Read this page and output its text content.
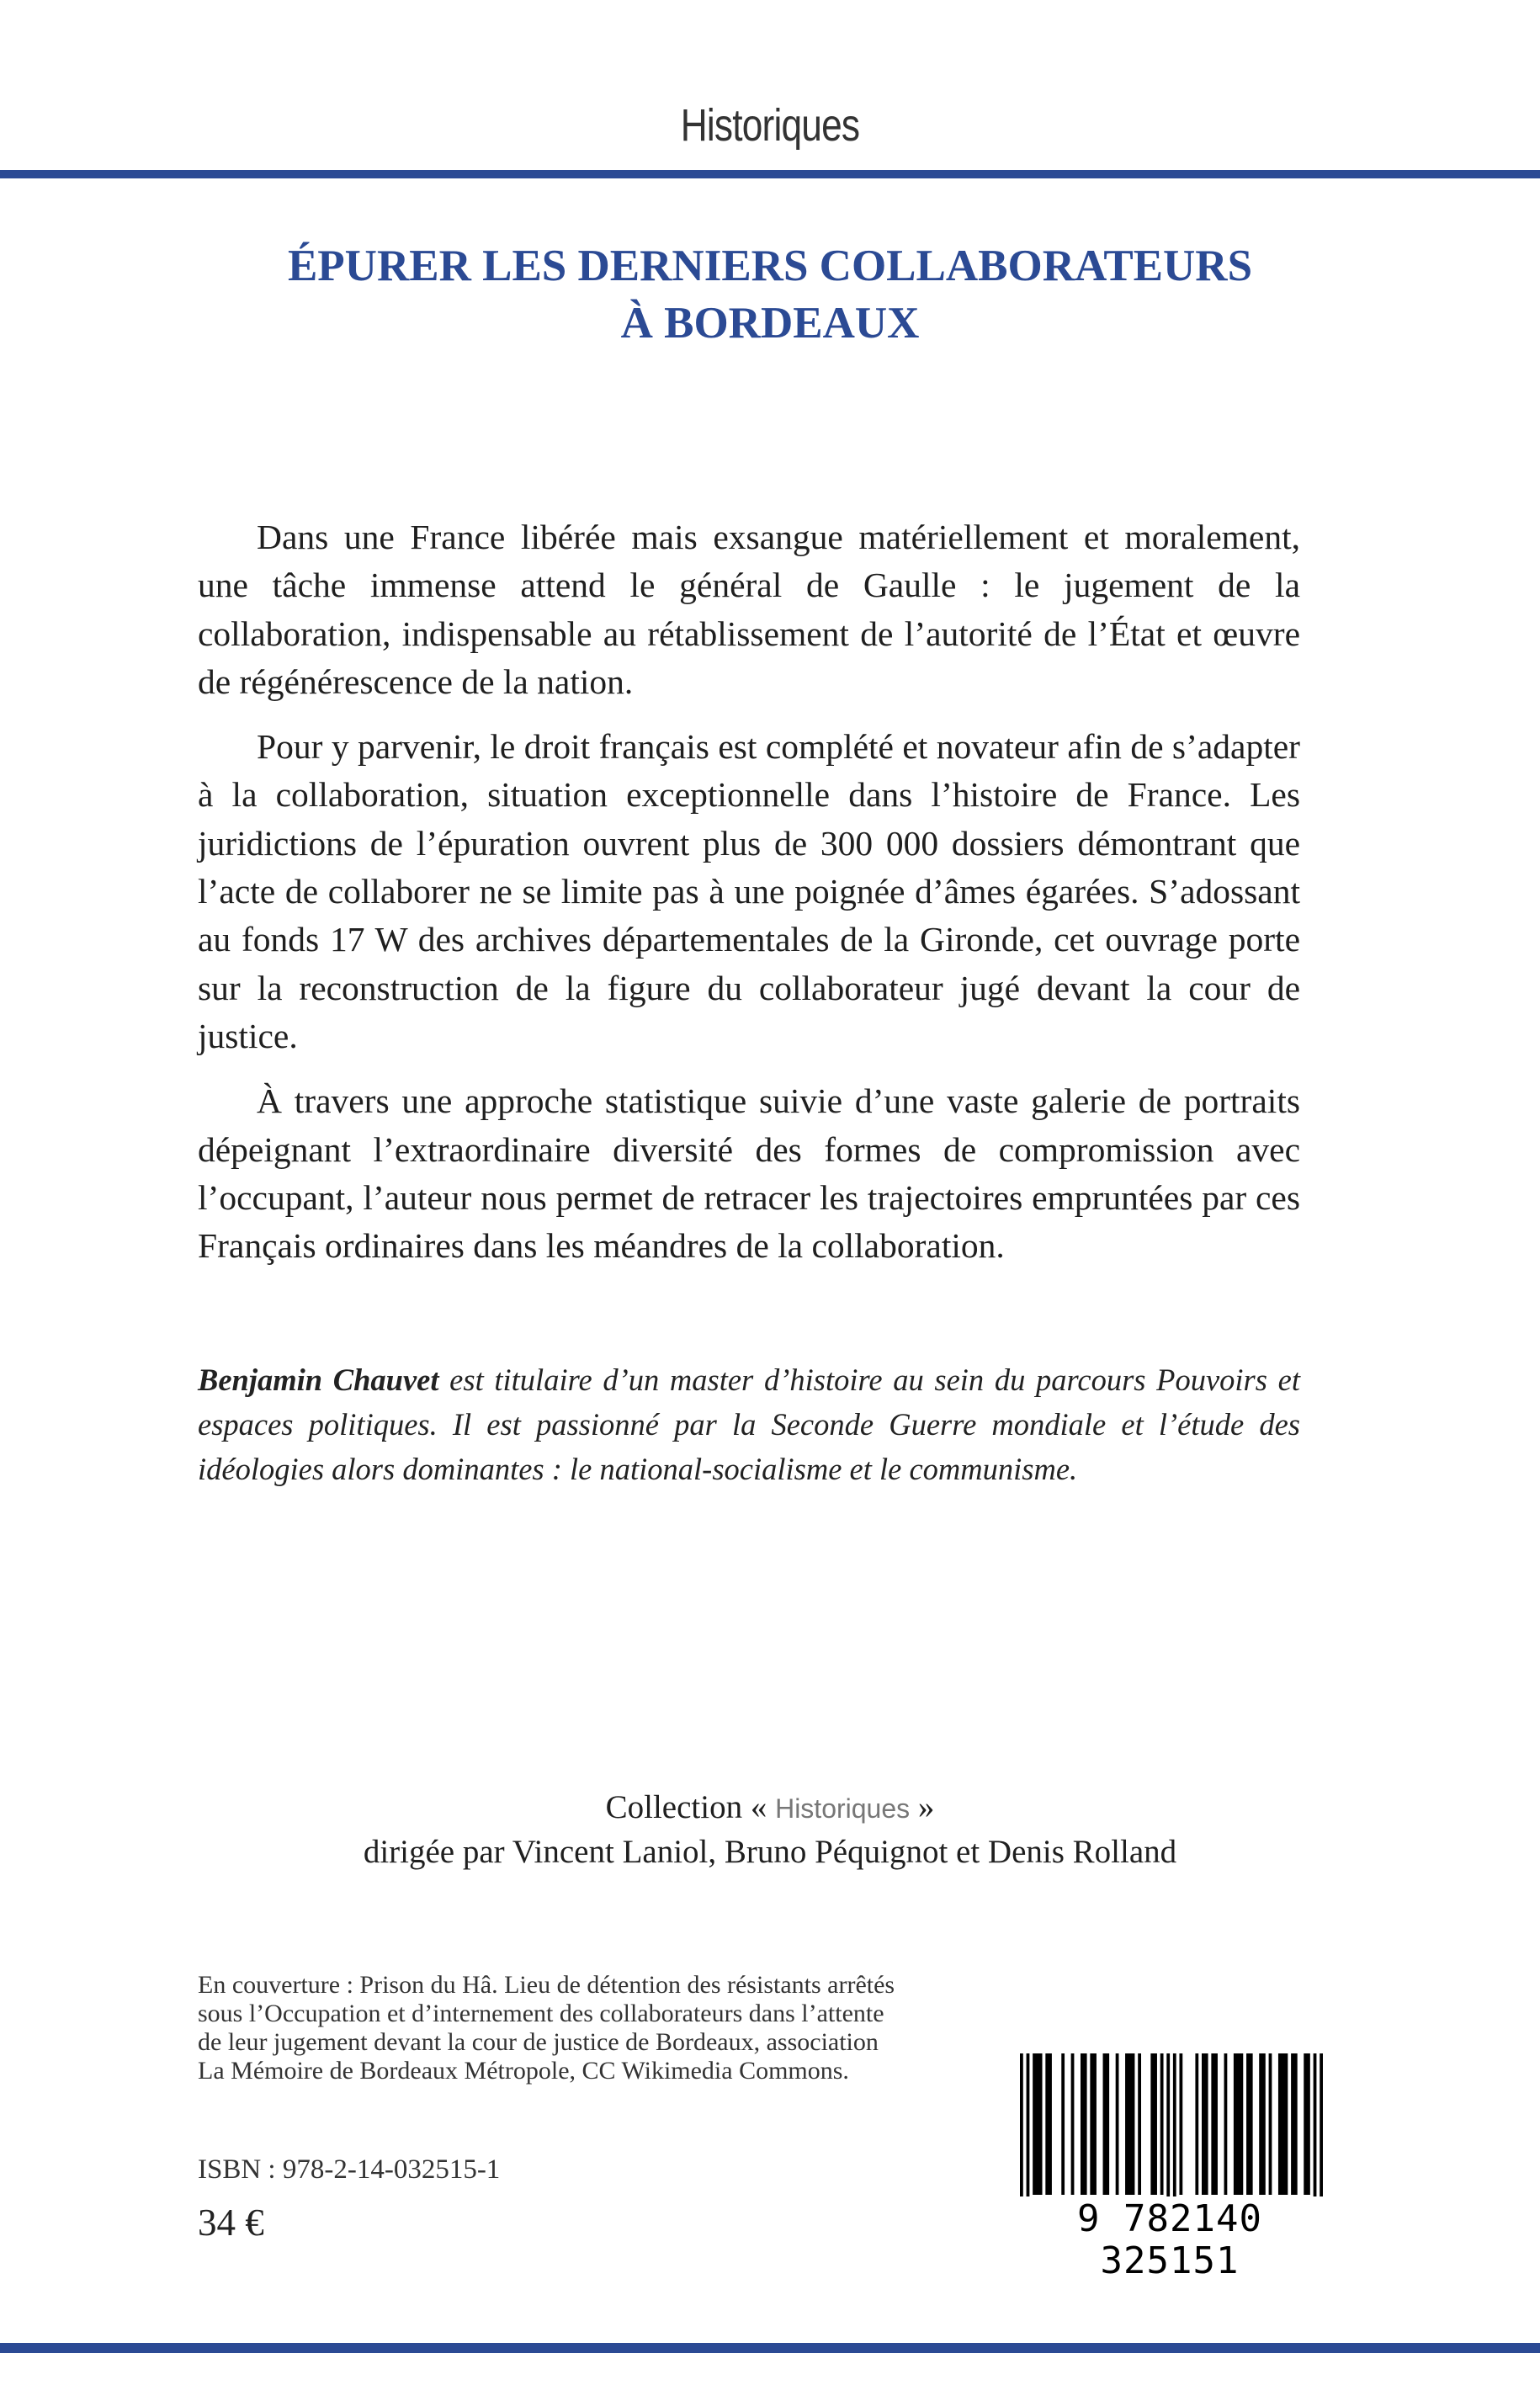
Historiques
ÉPURER LES DERNIERS COLLABORATEURS
À BORDEAUX

Dans une France libérée mais exsangue matériellement et moralement, une tâche immense attend le général de Gaulle : le jugement de la collaboration, indispensable au rétablissement de l’autorité de l’État et œuvre de régénérescence de la nation.

Pour y parvenir, le droit français est complété et novateur afin de s’adapter à la collaboration, situation exceptionnelle dans l’histoire de France. Les juridictions de l’épuration ouvrent plus de 300 000 dossiers démontrant que l’acte de collaborer ne se limite pas à une poignée d’âmes égarées. S’adossant au fonds 17 W des archives départementales de la Gironde, cet ouvrage porte sur la reconstruction de la figure du collaborateur jugé devant la cour de justice.

À travers une approche statistique suivie d’une vaste galerie de portraits dépeignant l’extraordinaire diversité des formes de compromission avec l’occupant, l’auteur nous permet de retracer les trajectoires empruntées par ces Français ordinaires dans les méandres de la collaboration.

Benjamin Chauvet est titulaire d’un master d’histoire au sein du parcours Pouvoirs et espaces politiques. Il est passionné par la Seconde Guerre mondiale et l’étude des idéologies alors dominantes : le national-socialisme et le communisme.
Collection « Historiques »
dirigée par Vincent Laniol, Bruno Péquignot et Denis Rolland
En couverture : Prison du Hâ. Lieu de détention des résistants arrêtés sous l’Occupation et d’internement des collaborateurs dans l’attente de leur jugement devant la cour de justice de Bordeaux, association La Mémoire de Bordeaux Métropole, CC Wikimedia Commons.
ISBN : 978-2-14-032515-1
34 €	9 782140 325151
